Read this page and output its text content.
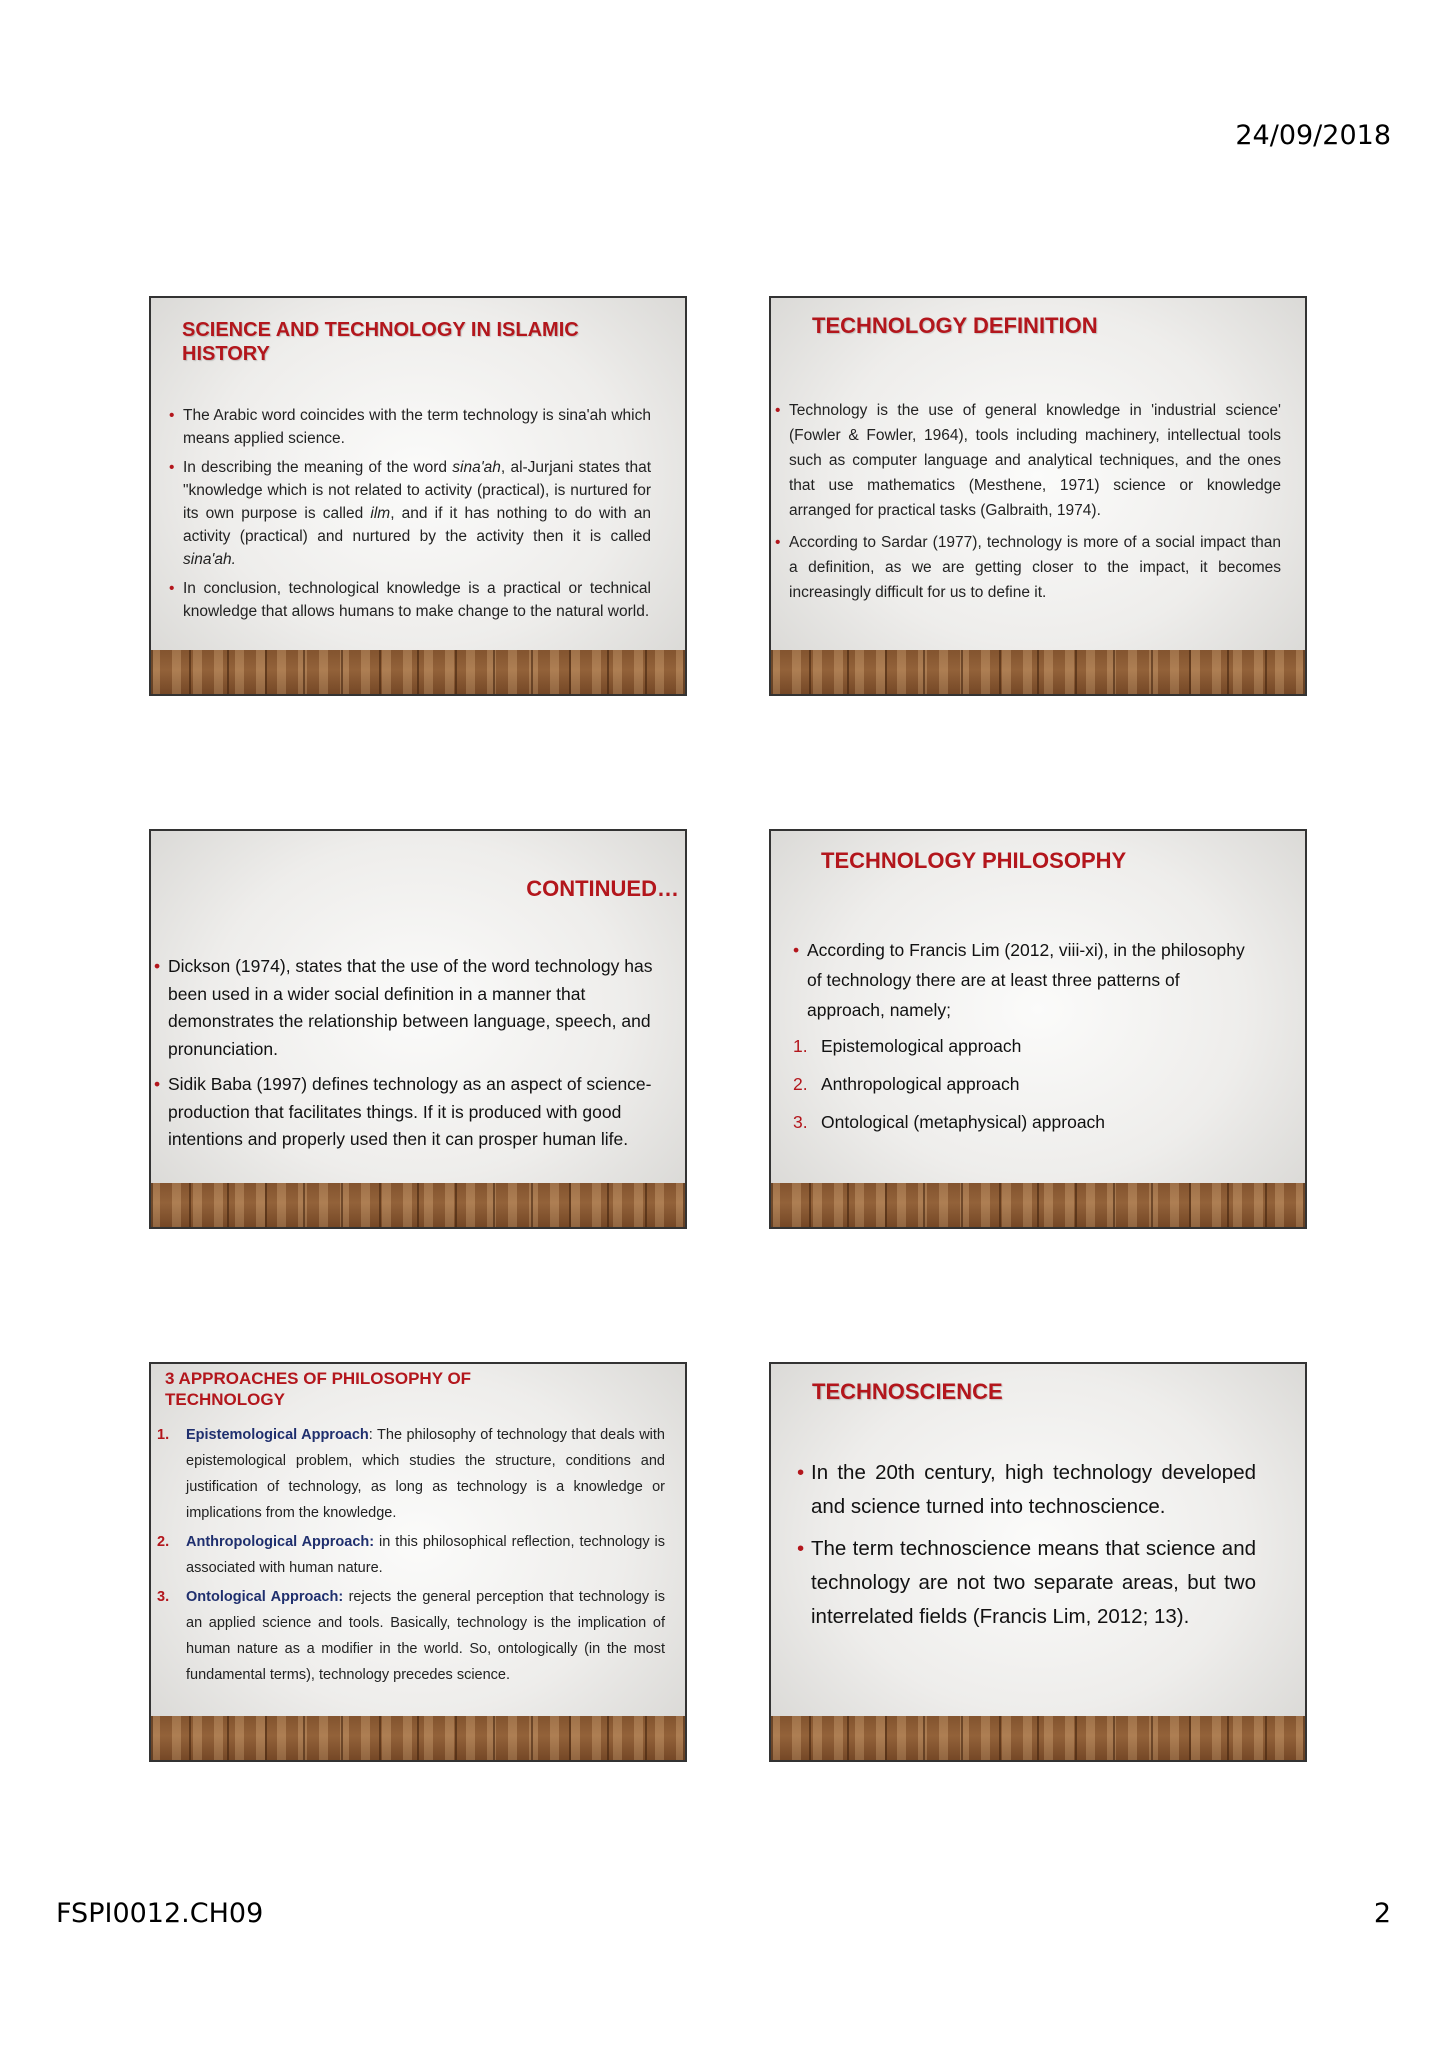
24/09/2018
SCIENCE AND TECHNOLOGY IN ISLAMIC HISTORY
• The Arabic word coincides with the term technology is sina'ah which means applied science.
• In describing the meaning of the word sina'ah, al-Jurjani states that "knowledge which is not related to activity (practical), is nurtured for its own purpose is called ilm, and if it has nothing to do with an activity (practical) and nurtured by the activity then it is called sina'ah.
• In conclusion, technological knowledge is a practical or technical knowledge that allows humans to make change to the natural world.
TECHNOLOGY DEFINITION
• Technology is the use of general knowledge in 'industrial science' (Fowler & Fowler, 1964), tools including machinery, intellectual tools such as computer language and analytical techniques, and the ones that use mathematics (Mesthene, 1971) science or knowledge arranged for practical tasks (Galbraith, 1974).
• According to Sardar (1977), technology is more of a social impact than a definition, as we are getting closer to the impact, it becomes increasingly difficult for us to define it.
CONTINUED…
• Dickson (1974), states that the use of the word technology has been used in a wider social definition in a manner that demonstrates the relationship between language, speech, and pronunciation.
• Sidik Baba (1997) defines technology as an aspect of science-production that facilitates things. If it is produced with good intentions and properly used then it can prosper human life.
TECHNOLOGY PHILOSOPHY
• According to Francis Lim (2012, viii-xi), in the philosophy of technology there are at least three patterns of approach, namely;
1. Epistemological approach
2. Anthropological approach
3. Ontological (metaphysical) approach
3 APPROACHES OF PHILOSOPHY OF TECHNOLOGY
1. Epistemological Approach: The philosophy of technology that deals with epistemological problem, which studies the structure, conditions and justification of technology, as long as technology is a knowledge or implications from the knowledge.
2. Anthropological Approach: in this philosophical reflection, technology is associated with human nature.
3. Ontological Approach: rejects the general perception that technology is an applied science and tools. Basically, technology is the implication of human nature as a modifier in the world. So, ontologically (in the most fundamental terms), technology precedes science.
TECHNOSCIENCE
• In the 20th century, high technology developed and science turned into technoscience.
• The term technoscience means that science and technology are not two separate areas, but two interrelated fields (Francis Lim, 2012; 13).
FSPI0012.CH09	2
